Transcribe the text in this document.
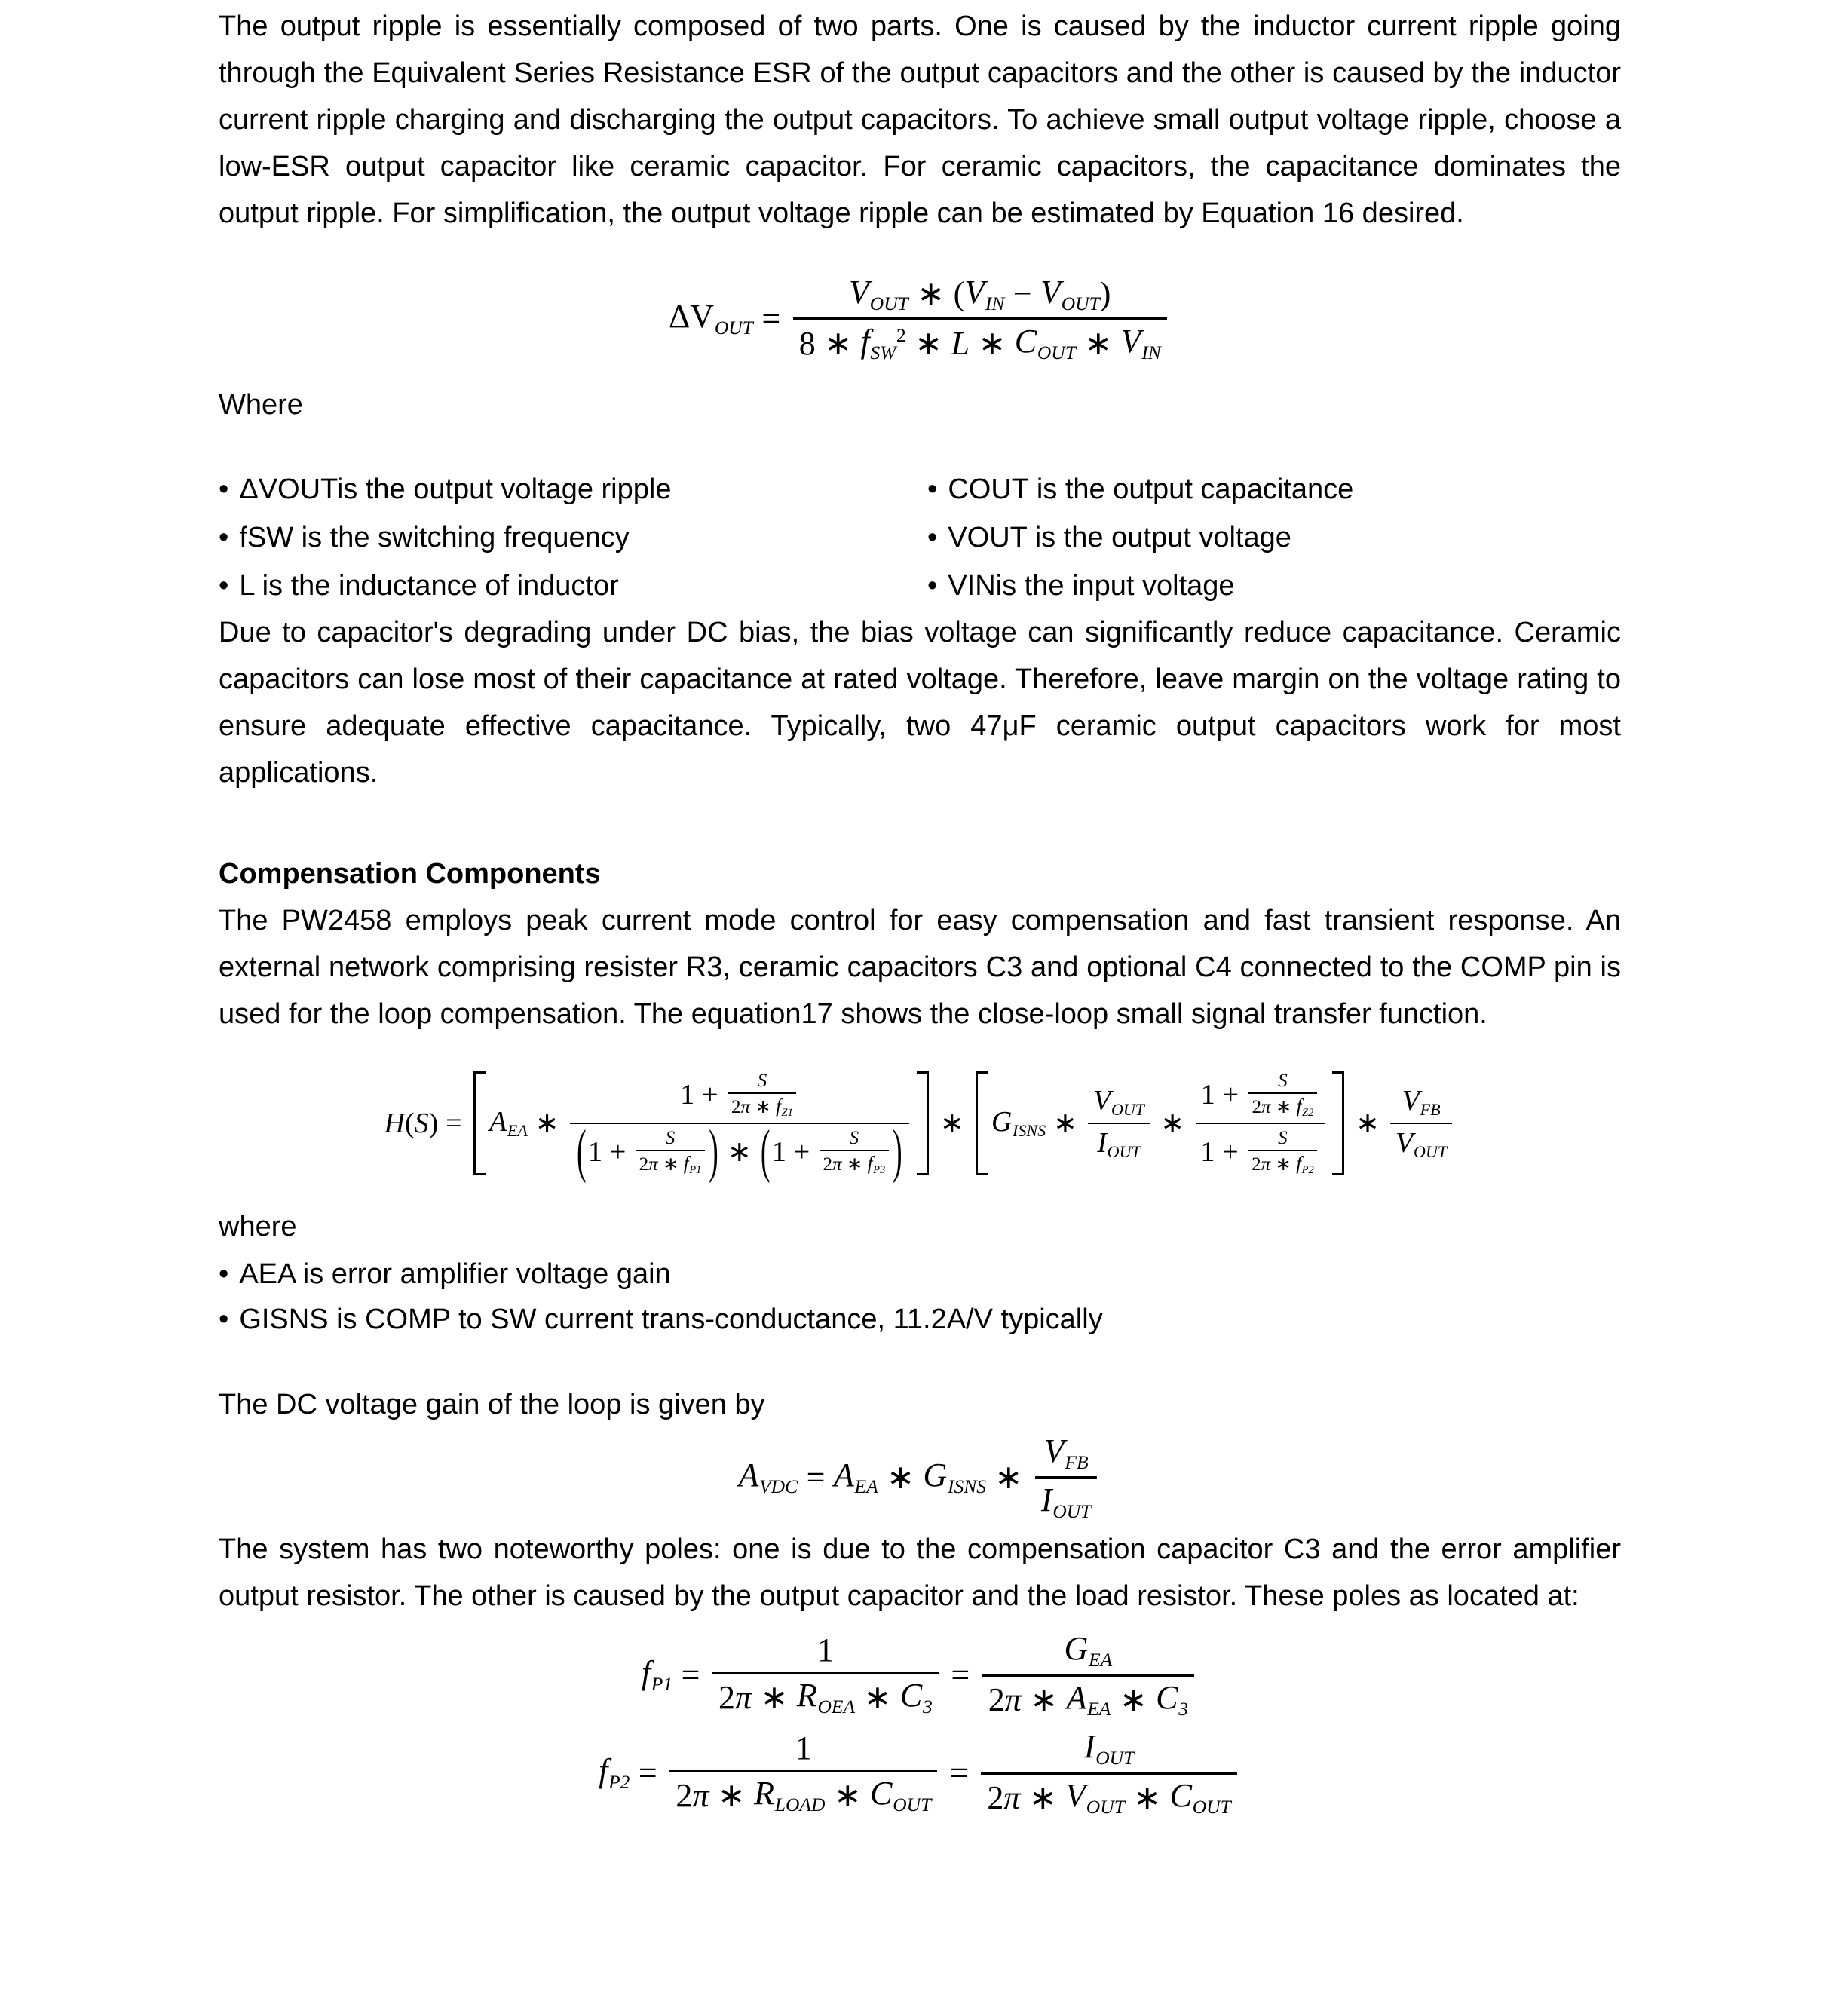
The output ripple is essentially composed of two parts. One is caused by the inductor current ripple going through the Equivalent Series Resistance ESR of the output capacitors and the other is caused by the inductor current ripple charging and discharging the output capacitors. To achieve small output voltage ripple, choose a low-ESR output capacitor like ceramic capacitor. For ceramic capacitors, the capacitance dominates the output ripple. For simplification, the output voltage ripple can be estimated by Equation 16 desired.

$\Delta V_{OUT}$ =
$V_{OUT}$ ∗ ( $V_{IN} - V_{OUT}$ )
8 ∗ $f_{SW}^2$ ∗ L ∗ $C_{OUT}$ ∗ $V_{IN}$

Where

• ΔVOUTis the output voltage ripple	• COUT is the output capacitance
• fSW is the switching frequency	• VOUT is the output voltage
• L is the inductance of inductor	• VINis the input voltage

Due to capacitor's degrading under DC bias, the bias voltage can significantly reduce capacitance. Ceramic capacitors can lose most of their capacitance at rated voltage. Therefore, leave margin on the voltage rating to ensure adequate effective capacitance. Typically, two 47μF ceramic output capacitors work for most applications.

Compensation Components

The PW2458 employs peak current mode control for easy compensation and fast transient response. An external network comprising resister R3, ceramic capacitors C3 and optional C4 connected to the COMP pin is used for the loop compensation. The equation17 shows the close-loop small signal transfer function.

H ( S ) = $A_{EA}$ ∗
1 + S
2 π ∗ $f_{Z1}$
( 1 + S
2 π ∗ $f_{P1}$ ) ∗ ( 1 + S
2 π ∗ $f_{P3}$ ) ∗ $G_{ISNS}$ ∗
$V_{OUT}$
$I_{OUT}$
∗
1 + S
2 π ∗ $f_{Z2}$
1 + S
2 π ∗ $f_{P2}$
∗
$V_{FB}$
$V_{OUT}$

where

• AEA is error amplifier voltage gain
• GISNS is COMP to SW current trans-conductance, 11.2A/V typically

The DC voltage gain of the loop is given by

$A_{VDC} = A_{EA}$ ∗ $G_{ISNS}$ ∗
$V_{FB}$
$I_{OUT}$

The system has two noteworthy poles: one is due to the compensation capacitor C3 and the error amplifier output resistor. The other is caused by the output capacitor and the load resistor. These poles as located at:

$f_{P1}$ =
1
2 π ∗ $R_{OEA}$ ∗ $C_3$
=
$G_{EA}$
2 π ∗ $A_{EA}$ ∗ $C_3$
$f_{P2}$ =
1
2 π ∗ $R_{LOAD}$ ∗ $C_{OUT}$
=
$I_{OUT}$
2 π ∗ $V_{OUT}$ ∗ $C_{OUT}$
